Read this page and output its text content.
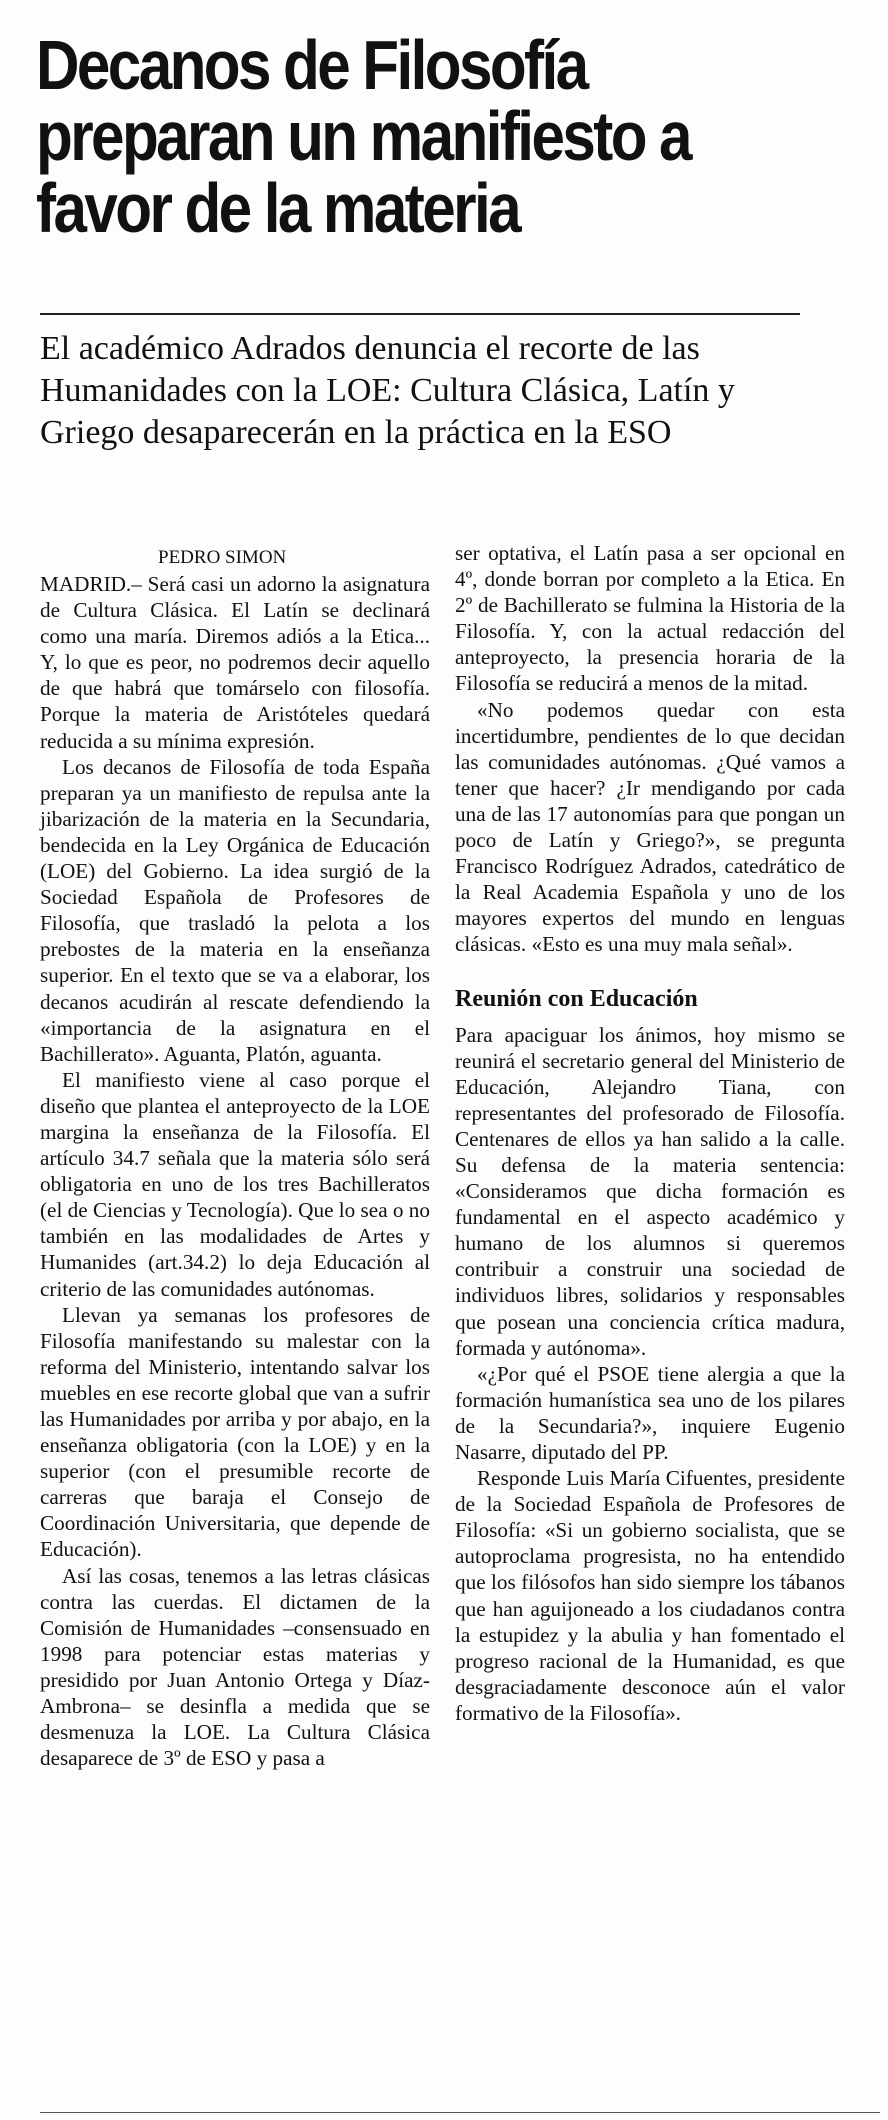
Decanos de Filosofía preparan un manifiesto a favor de la materia
El académico Adrados denuncia el recorte de las Humanidades con la LOE: Cultura Clásica, Latín y Griego desaparecerán en la práctica en la ESO
PEDRO SIMON

MADRID.– Será casi un adorno la asignatura de Cultura Clásica. El Latín se declinará como una maría. Diremos adiós a la Etica... Y, lo que es peor, no podremos decir aquello de que habrá que tomárselo con filosofía. Porque la materia de Aristóteles quedará reducida a su mínima expresión.

Los decanos de Filosofía de toda España preparan ya un manifiesto de repulsa ante la jibarización de la materia en la Secundaria, bendecida en la Ley Orgánica de Educación (LOE) del Gobierno. La idea surgió de la Sociedad Española de Profesores de Filosofía, que trasladó la pelota a los prebostes de la materia en la enseñanza superior. En el texto que se va a elaborar, los decanos acudirán al rescate defendiendo la «importancia de la asignatura en el Bachillerato». Aguanta, Platón, aguanta.

El manifiesto viene al caso porque el diseño que plantea el anteproyecto de la LOE margina la enseñanza de la Filosofía. El artículo 34.7 señala que la materia sólo será obligatoria en uno de los tres Bachilleratos (el de Ciencias y Tecnología). Que lo sea o no también en las modalidades de Artes y Humanides (art.34.2) lo deja Educación al criterio de las comunidades autónomas.

Llevan ya semanas los profesores de Filosofía manifestando su malestar con la reforma del Ministerio, intentando salvar los muebles en ese recorte global que van a sufrir las Humanidades por arriba y por abajo, en la enseñanza obligatoria (con la LOE) y en la superior (con el presumible recorte de carreras que baraja el Consejo de Coordinación Universitaria, que depende de Educación).

Así las cosas, tenemos a las letras clásicas contra las cuerdas. El dictamen de la Comisión de Humanidades –consensuado en 1998 para potenciar estas materias y presidido por Juan Antonio Ortega y Díaz-Ambrona– se desinfla a medida que se desmenuza la LOE. La Cultura Clásica desaparece de 3º de ESO y pasa a

ser optativa, el Latín pasa a ser opcional en 4º, donde borran por completo a la Etica. En 2º de Bachillerato se fulmina la Historia de la Filosofía. Y, con la actual redacción del anteproyecto, la presencia horaria de la Filosofía se reducirá a menos de la mitad.

«No podemos quedar con esta incertidumbre, pendientes de lo que decidan las comunidades autónomas. ¿Qué vamos a tener que hacer? ¿Ir mendigando por cada una de las 17 autonomías para que pongan un poco de Latín y Griego?», se pregunta Francisco Rodríguez Adrados, catedrático de la Real Academia Española y uno de los mayores expertos del mundo en lenguas clásicas. «Esto es una muy mala señal».

Reunión con Educación

Para apaciguar los ánimos, hoy mismo se reunirá el secretario general del Ministerio de Educación, Alejandro Tiana, con representantes del profesorado de Filosofía. Centenares de ellos ya han salido a la calle. Su defensa de la materia sentencia: «Consideramos que dicha formación es fundamental en el aspecto académico y humano de los alumnos si queremos contribuir a construir una sociedad de individuos libres, solidarios y responsables que posean una conciencia crítica madura, formada y autónoma».

«¿Por qué el PSOE tiene alergia a que la formación humanística sea uno de los pilares de la Secundaria?», inquiere Eugenio Nasarre, diputado del PP.

Responde Luis María Cifuentes, presidente de la Sociedad Española de Profesores de Filosofía: «Si un gobierno socialista, que se autoproclama progresista, no ha entendido que los filósofos han sido siempre los tábanos que han aguijoneado a los ciudadanos contra la estupidez y la abulia y han fomentado el progreso racional de la Humanidad, es que desgraciadamente desconoce aún el valor formativo de la Filosofía».
